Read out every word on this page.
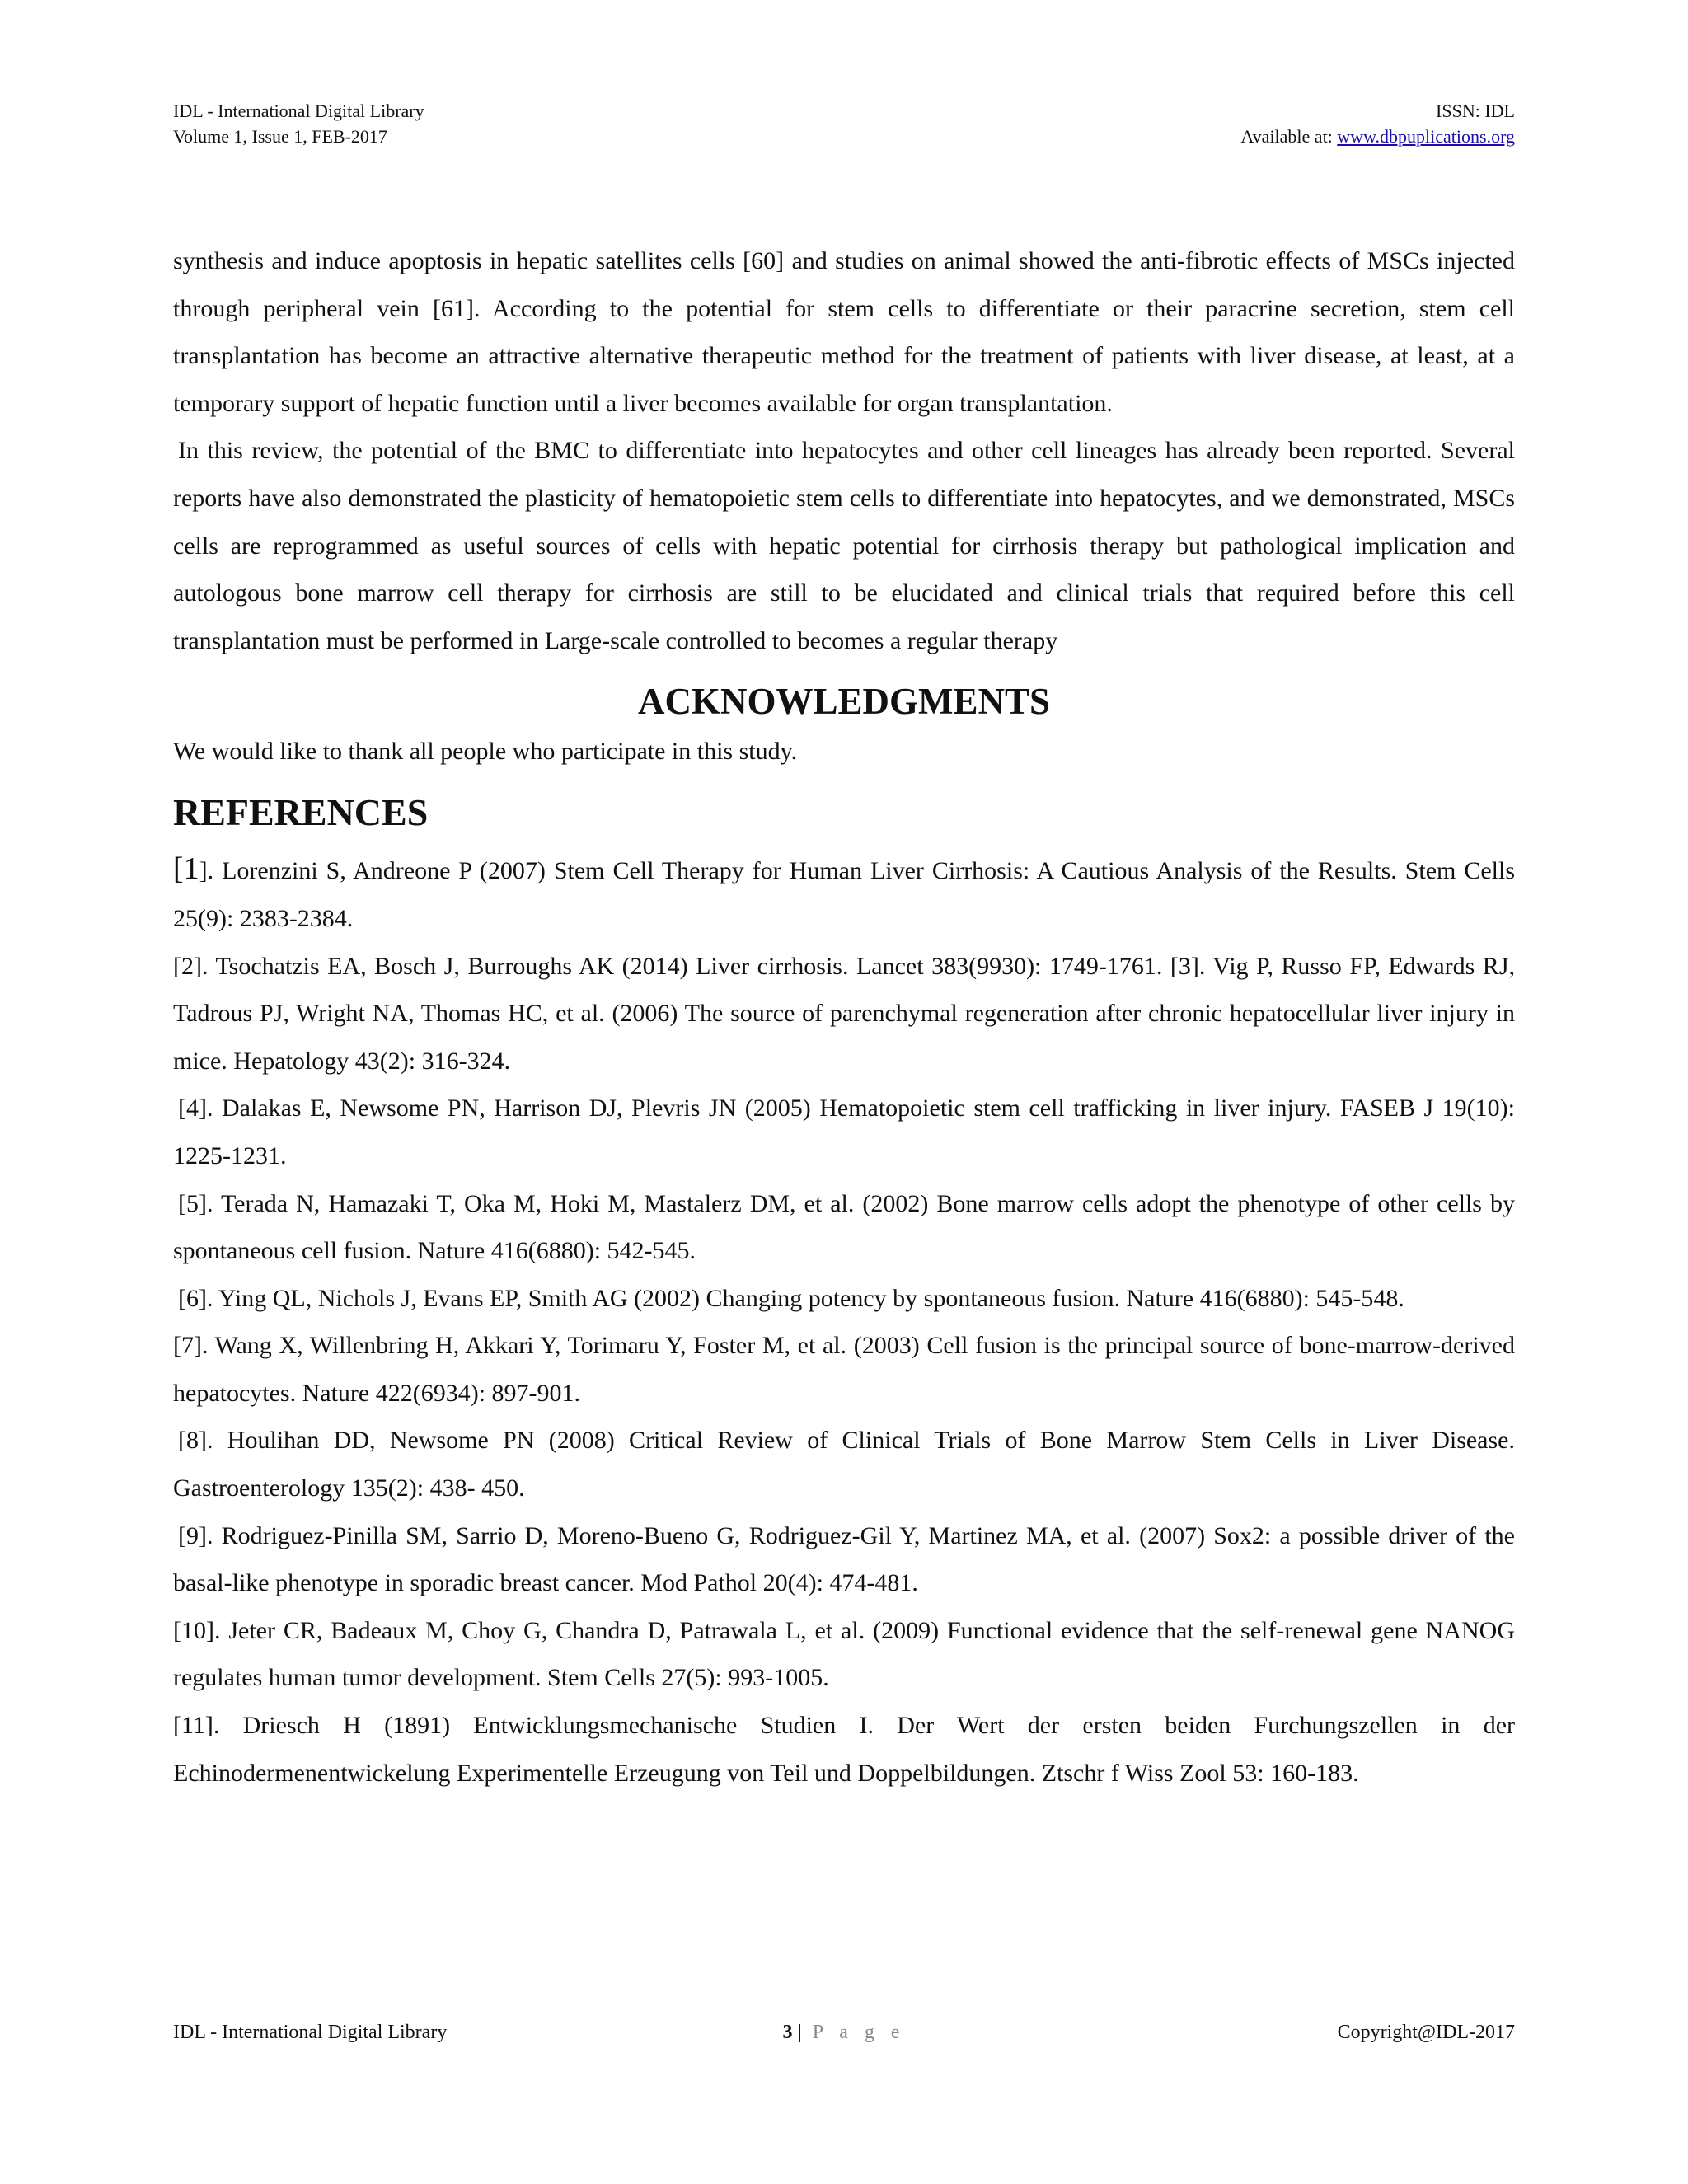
IDL - International Digital Library
Volume 1, Issue 1, FEB-2017
ISSN: IDL
Available at: www.dbpuplications.org

synthesis and induce apoptosis in hepatic satellites cells [60] and studies on animal showed the anti-fibrotic effects of MSCs injected through peripheral vein [61]. According to the potential for stem cells to differentiate or their paracrine secretion, stem cell transplantation has become an attractive alternative therapeutic method for the treatment of patients with liver disease, at least, at a temporary support of hepatic function until a liver becomes available for organ transplantation.

In this review, the potential of the BMC to differentiate into hepatocytes and other cell lineages has already been reported. Several reports have also demonstrated the plasticity of hematopoietic stem cells to differentiate into hepatocytes, and we demonstrated, MSCs cells are reprogrammed as useful sources of cells with hepatic potential for cirrhosis therapy but pathological implication and autologous bone marrow cell therapy for cirrhosis are still to be elucidated and clinical trials that required before this cell transplantation must be performed in Large-scale controlled to becomes a regular therapy

ACKNOWLEDGMENTS

We would like to thank all people who participate in this study.

REFERENCES

[1]. Lorenzini S, Andreone P (2007) Stem Cell Therapy for Human Liver Cirrhosis: A Cautious Analysis of the Results. Stem Cells 25(9): 2383-2384.

[2]. Tsochatzis EA, Bosch J, Burroughs AK (2014) Liver cirrhosis. Lancet 383(9930): 1749-1761. [3]. Vig P, Russo FP, Edwards RJ, Tadrous PJ, Wright NA, Thomas HC, et al. (2006) The source of parenchymal regeneration after chronic hepatocellular liver injury in mice. Hepatology 43(2): 316-324.

[4]. Dalakas E, Newsome PN, Harrison DJ, Plevris JN (2005) Hematopoietic stem cell trafficking in liver injury. FASEB J 19(10): 1225-1231.

[5]. Terada N, Hamazaki T, Oka M, Hoki M, Mastalerz DM, et al. (2002) Bone marrow cells adopt the phenotype of other cells by spontaneous cell fusion. Nature 416(6880): 542-545.

[6]. Ying QL, Nichols J, Evans EP, Smith AG (2002) Changing potency by spontaneous fusion. Nature 416(6880): 545-548.

[7]. Wang X, Willenbring H, Akkari Y, Torimaru Y, Foster M, et al. (2003) Cell fusion is the principal source of bone-marrow-derived hepatocytes. Nature 422(6934): 897-901.

[8]. Houlihan DD, Newsome PN (2008) Critical Review of Clinical Trials of Bone Marrow Stem Cells in Liver Disease. Gastroenterology 135(2): 438- 450.

[9]. Rodriguez-Pinilla SM, Sarrio D, Moreno-Bueno G, Rodriguez-Gil Y, Martinez MA, et al. (2007) Sox2: a possible driver of the basal-like phenotype in sporadic breast cancer. Mod Pathol 20(4): 474-481.

[10]. Jeter CR, Badeaux M, Choy G, Chandra D, Patrawala L, et al. (2009) Functional evidence that the self-renewal gene NANOG regulates human tumor development. Stem Cells 27(5): 993-1005.

[11]. Driesch H (1891) Entwicklungsmechanische Studien I. Der Wert der ersten beiden Furchungszellen in der Echinodermenentwickelung Experimentelle Erzeugung von Teil und Doppelbildungen. Ztschr f Wiss Zool 53: 160-183.

IDL - International Digital Library	3 | P a g e	Copyright@IDL-2017
